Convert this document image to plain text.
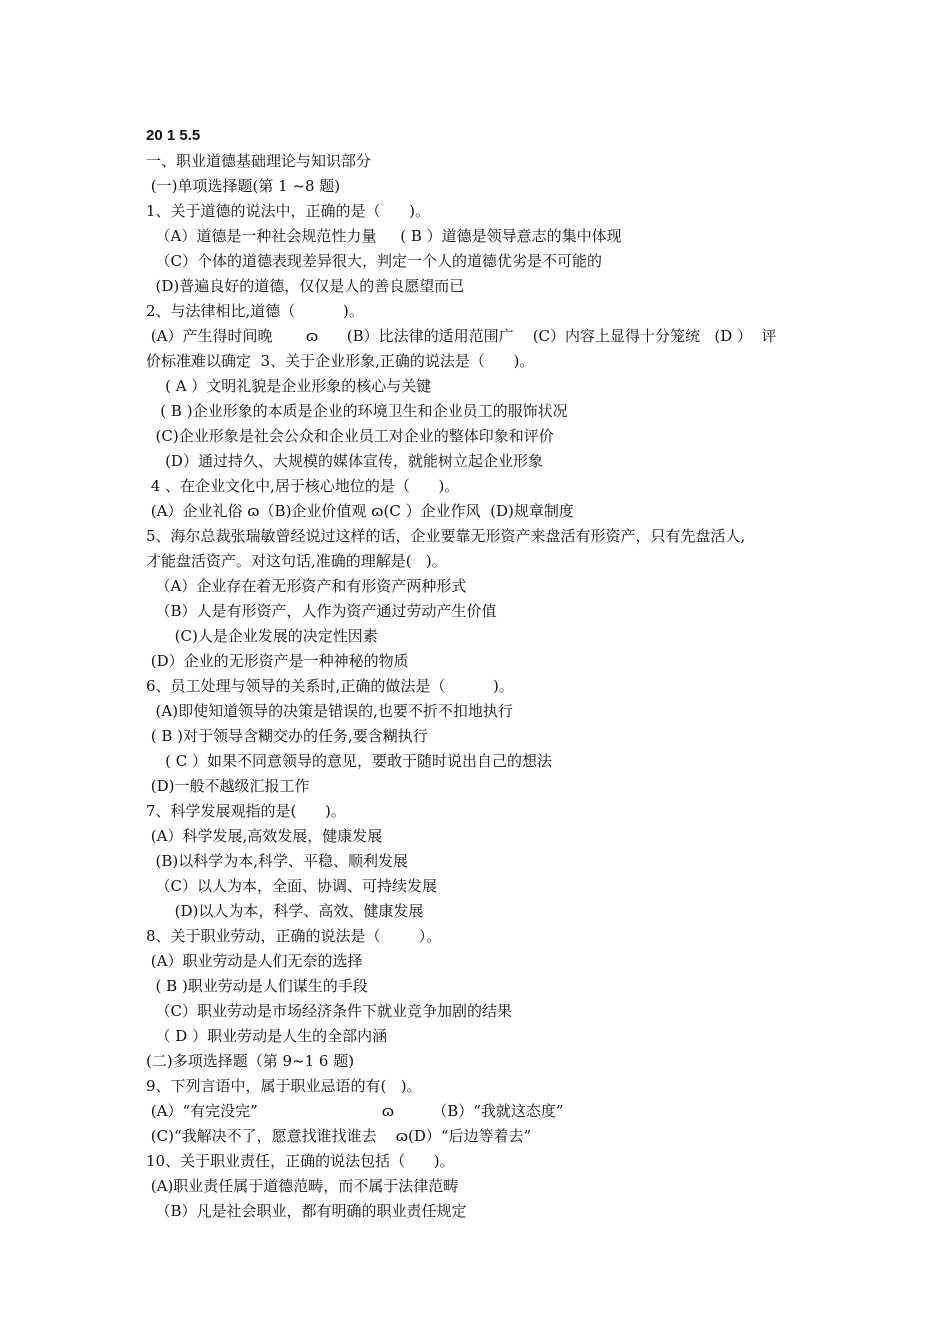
20 1 5.5
一、职业道德基础理论与知识部分
(一)单项选择题(第 1 ~8 题)
1、关于道德的说法中，正确的是（      )。
（A）道德是一种社会规范性力量     ( B ）道德是领导意志的集中体现
（C）个体的道德表现差异很大，判定一个人的道德优劣是不可能的
(D)普遍良好的道德，仅仅是人的善良愿望而已
2、与法律相比,道德（          )。
(A）产生得时间晚       ɷ      (B）比法律的适用范围广    (C）内容上显得十分笼统   (D ）  评
价标准难以确定  3、关于企业形象,正确的说法是（      )。
( A ）文明礼貌是企业形象的核心与关键
( B )企业形象的本质是企业的环境卫生和企业员工的服饰状况
(C)企业形象是社会公众和企业员工对企业的整体印象和评价
(D）通过持久、大规模的媒体宣传，就能树立起企业形象
4 、在企业文化中,居于核心地位的是（      )。
(A）企业礼俗 ɷ（B)企业价值观 ɷ(C ）企业作风  (D)规章制度
5、海尔总裁张瑞敏曾经说过这样的话，企业要靠无形资产来盘活有形资产，只有先盘活人,
才能盘活资产。对这句话,准确的理解是(   )。
（A）企业存在着无形资产和有形资产两种形式
（B）人是有形资产，人作为资产通过劳动产生价值
(C)人是企业发展的决定性因素
(D）企业的无形资产是一种神秘的物质
6、员工处理与领导的关系时,正确的做法是（          )。
(A)即使知道领导的决策是错误的,也要不折不扣地执行
( B )对于领导含糊交办的任务,要含糊执行
( C ）如果不同意领导的意见，要敢于随时说出自己的想法
(D)一般不越级汇报工作
7、科学发展观指的是(      )。
(A）科学发展,高效发展，健康发展
(B)以科学为本,科学、平稳、顺利发展
（C）以人为本，全面、协调、可持续发展
(D)以人为本，科学、高效、健康发展
8、关于职业劳动，正确的说法是（        ）。
(A）职业劳动是人们无奈的选择
( B )职业劳动是人们谋生的手段
（C）职业劳动是市场经济条件下就业竞争加剧的结果
（ D ）职业劳动是人生的全部内涵
(二)多项选择题（第 9~1 6 题)
9、下列言语中，属于职业忌语的有(   )。
(A）“有完没完”                          ɷ        （B）“我就这态度”
(C)“我解决不了，愿意找谁找谁去    ɷ(D）“后边等着去”
10、关于职业责任，正确的说法包括（      )。
(A)职业责任属于道德范畴，而不属于法律范畴
（B）凡是社会职业，都有明确的职业责任规定
